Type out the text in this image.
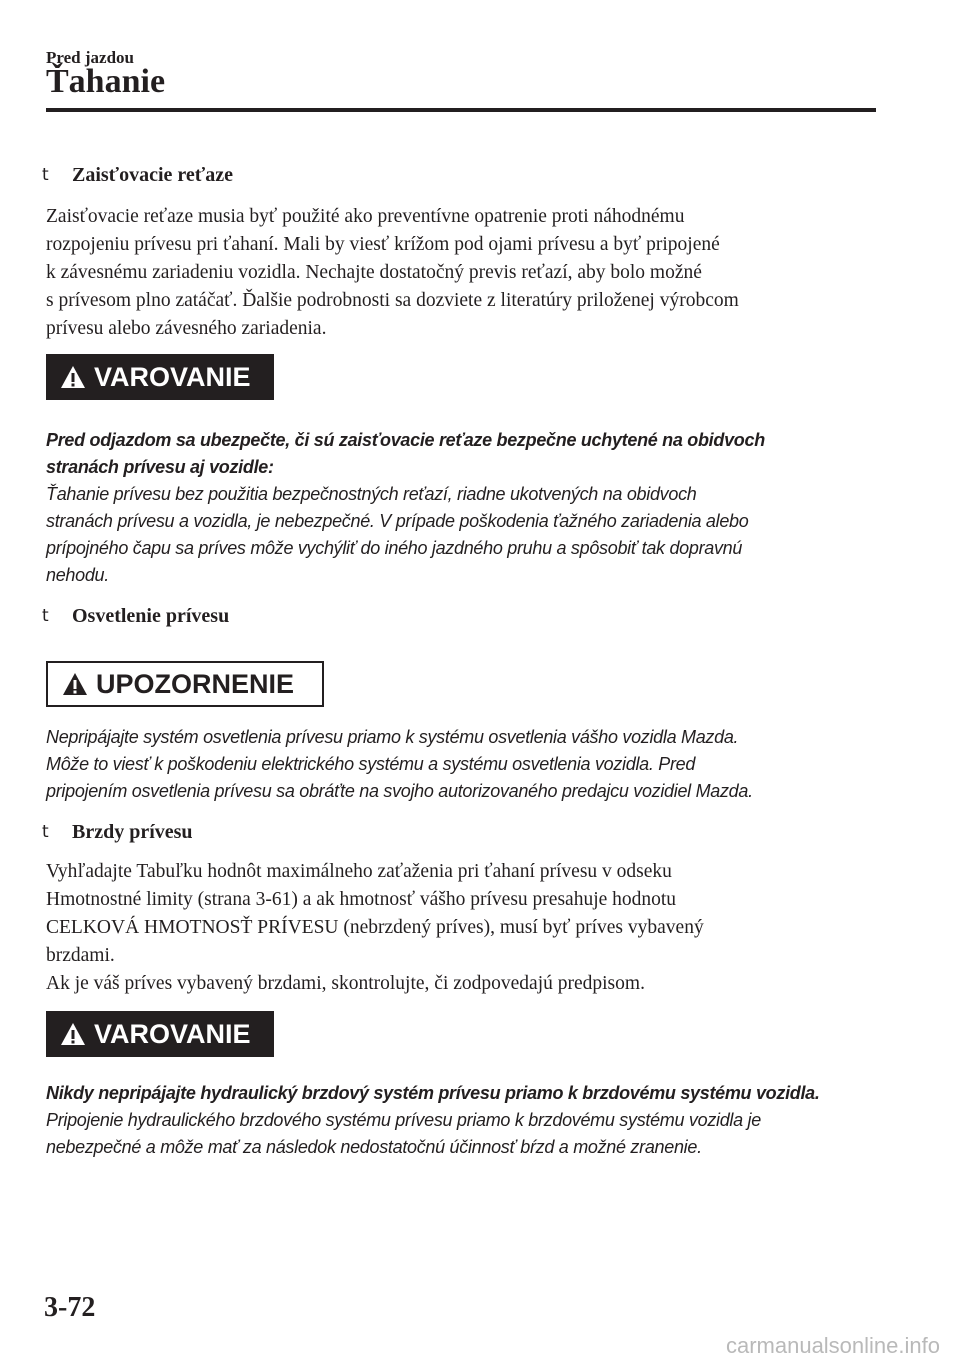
Pred jazdou
Ťahanie
t	Zaisťovacie reťaze
Zaisťovacie reťaze musia byť použité ako preventívne opatrenie proti náhodnému
rozpojeniu prívesu pri ťahaní. Mali by viesť krížom pod ojami prívesu a byť pripojené
k závesnému zariadeniu vozidla. Nechajte dostatočný previs reťazí, aby bolo možné
s prívesom plno zatáčať. Ďalšie podrobnosti sa dozviete z literatúry priloženej výrobcom
prívesu alebo závesného zariadenia.
VAROVANIE
Pred odjazdom sa ubezpečte, či sú zaisťovacie reťaze bezpečne uchytené na obidvoch
stranách prívesu aj vozidle:
Ťahanie prívesu bez použitia bezpečnostných reťazí, riadne ukotvených na obidvoch
stranách prívesu a vozidla, je nebezpečné. V prípade poškodenia ťažného zariadenia alebo
prípojného čapu sa príves môže vychýliť do iného jazdného pruhu a spôsobiť tak dopravnú
nehodu.
t	Osvetlenie prívesu
UPOZORNENIE
Nepripájajte systém osvetlenia prívesu priamo k systému osvetlenia vášho vozidla Mazda.
Môže to viesť k poškodeniu elektrického systému a systému osvetlenia vozidla. Pred
pripojením osvetlenia prívesu sa obráťte na svojho autorizovaného predajcu vozidiel Mazda.
t	Brzdy prívesu
Vyhľadajte Tabuľku hodnôt maximálneho zaťaženia pri ťahaní prívesu v odseku
Hmotnostné limity (strana 3-61) a ak hmotnosť vášho prívesu presahuje hodnotu
CELKOVÁ HMOTNOSŤ PRÍVESU (nebrzdený príves), musí byť príves vybavený
brzdami.
Ak je váš príves vybavený brzdami, skontrolujte, či zodpovedajú predpisom.
VAROVANIE
Nikdy nepripájajte hydraulický brzdový systém prívesu priamo k brzdovému systému vozidla.
Pripojenie hydraulického brzdového systému prívesu priamo k brzdovému systému vozidla je
nebezpečné a môže mať za následok nedostatočnú účinnosť bŕzd a možné zranenie.
3-72
carmanualsonline.info
